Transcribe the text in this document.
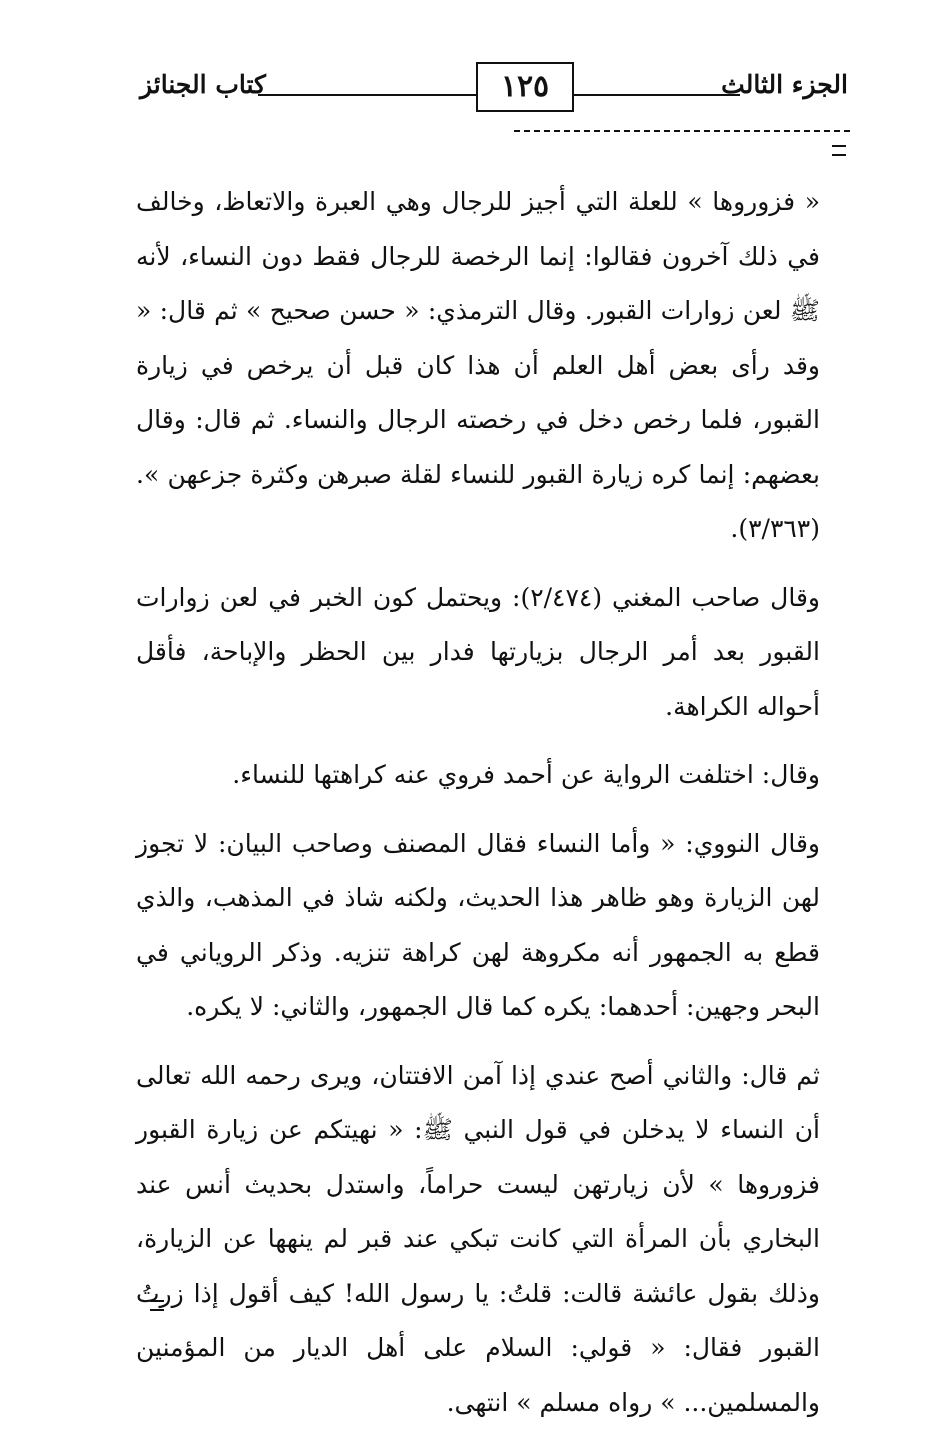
الجزء الثالث
١٢٥
كتاب الجنائز

« فزوروها » للعلة التي أجيز للرجال وهي العبرة والاتعاظ، وخالف في ذلك آخرون فقالوا: إنما الرخصة للرجال فقط دون النساء، لأنه ﷺ لعن زوارات القبور. وقال الترمذي: « حسن صحيح » ثم قال: « وقد رأى بعض أهل العلم أن هذا كان قبل أن يرخص في زيارة القبور، فلما رخص دخل في رخصته الرجال والنساء. ثم قال: وقال بعضهم: إنما كره زيارة القبور للنساء لقلة صبرهن وكثرة جزعهن ». (٣/٣٦٣).

وقال صاحب المغني (٢/٤٧٤): ويحتمل كون الخبر في لعن زوارات القبور بعد أمر الرجال بزيارتها فدار بين الحظر والإباحة، فأقل أحواله الكراهة.

وقال: اختلفت الرواية عن أحمد فروي عنه كراهتها للنساء.

وقال النووي: « وأما النساء فقال المصنف وصاحب البيان: لا تجوز لهن الزيارة وهو ظاهر هذا الحديث، ولكنه شاذ في المذهب، والذي قطع به الجمهور أنه مكروهة لهن كراهة تنزيه. وذكر الروياني في البحر وجهين: أحدهما: يكره كما قال الجمهور، والثاني: لا يكره.

ثم قال: والثاني أصح عندي إذا آمن الافتتان، ويرى رحمه الله تعالى أن النساء لا يدخلن في قول النبي ﷺ: « نهيتكم عن زيارة القبور فزوروها » لأن زيارتهن ليست حراماً، واستدل بحديث أنس عند البخاري بأن المرأة التي كانت تبكي عند قبر لم ينهها عن الزيارة، وذلك بقول عائشة قالت: قلتُ: يا رسول الله! كيف أقول إذا زرتُ القبور فقال: « قولي: السلام على أهل الديار من المؤمنين والمسلمين... » رواه مسلم » انتهى.
